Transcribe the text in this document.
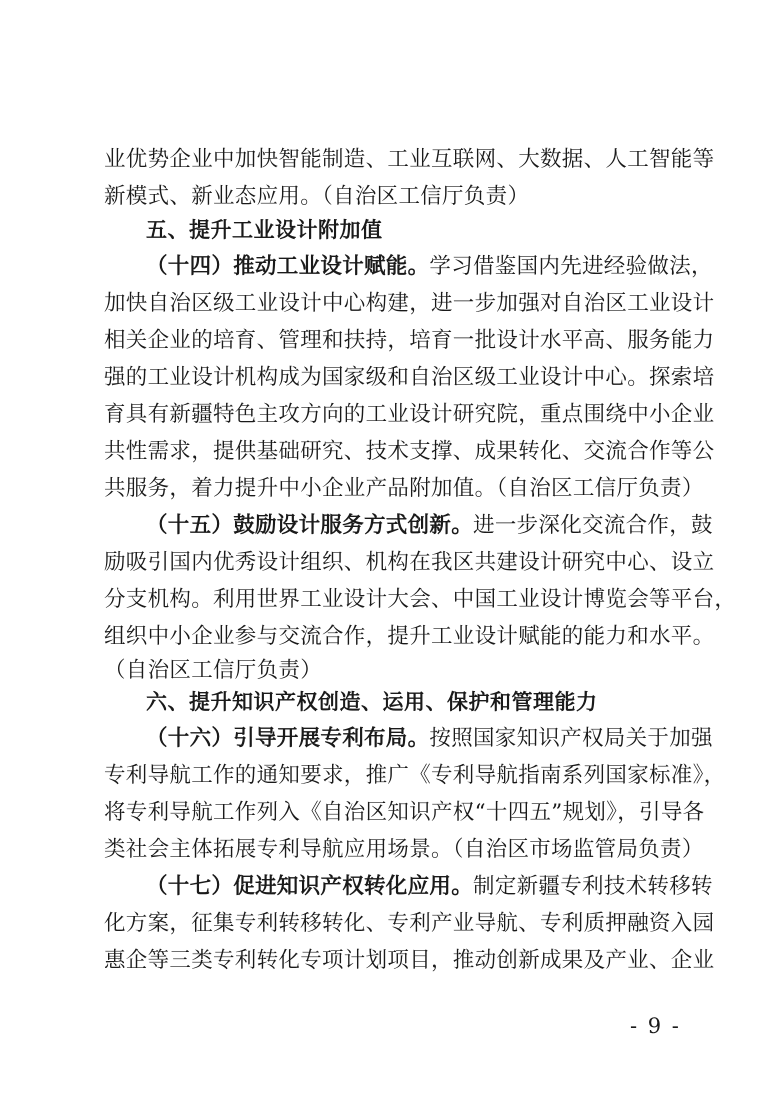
业优势企业中加快智能制造、工业互联网、大数据、人工智能等
新模式、新业态应用。（自治区工信厅负责）
五、提升工业设计附加值
（十四）推动工业设计赋能。学习借鉴国内先进经验做法，
加快自治区级工业设计中心构建，进一步加强对自治区工业设计
相关企业的培育、管理和扶持，培育一批设计水平高、服务能力
强的工业设计机构成为国家级和自治区级工业设计中心。探索培
育具有新疆特色主攻方向的工业设计研究院，重点围绕中小企业
共性需求，提供基础研究、技术支撑、成果转化、交流合作等公
共服务，着力提升中小企业产品附加值。（自治区工信厅负责）
（十五）鼓励设计服务方式创新。进一步深化交流合作，鼓
励吸引国内优秀设计组织、机构在我区共建设计研究中心、设立
分支机构。利用世界工业设计大会、中国工业设计博览会等平台，
组织中小企业参与交流合作，提升工业设计赋能的能力和水平。
（自治区工信厅负责）
六、提升知识产权创造、运用、保护和管理能力
（十六）引导开展专利布局。按照国家知识产权局关于加强
专利导航工作的通知要求，推广《专利导航指南系列国家标准》，
将专利导航工作列入《自治区知识产权“十四五”规划》，引导各
类社会主体拓展专利导航应用场景。（自治区市场监管局负责）
（十七）促进知识产权转化应用。制定新疆专利技术转移转
化方案，征集专利转移转化、专利产业导航、专利质押融资入园
惠企等三类专利转化专项计划项目，推动创新成果及产业、企业
- 9 -
